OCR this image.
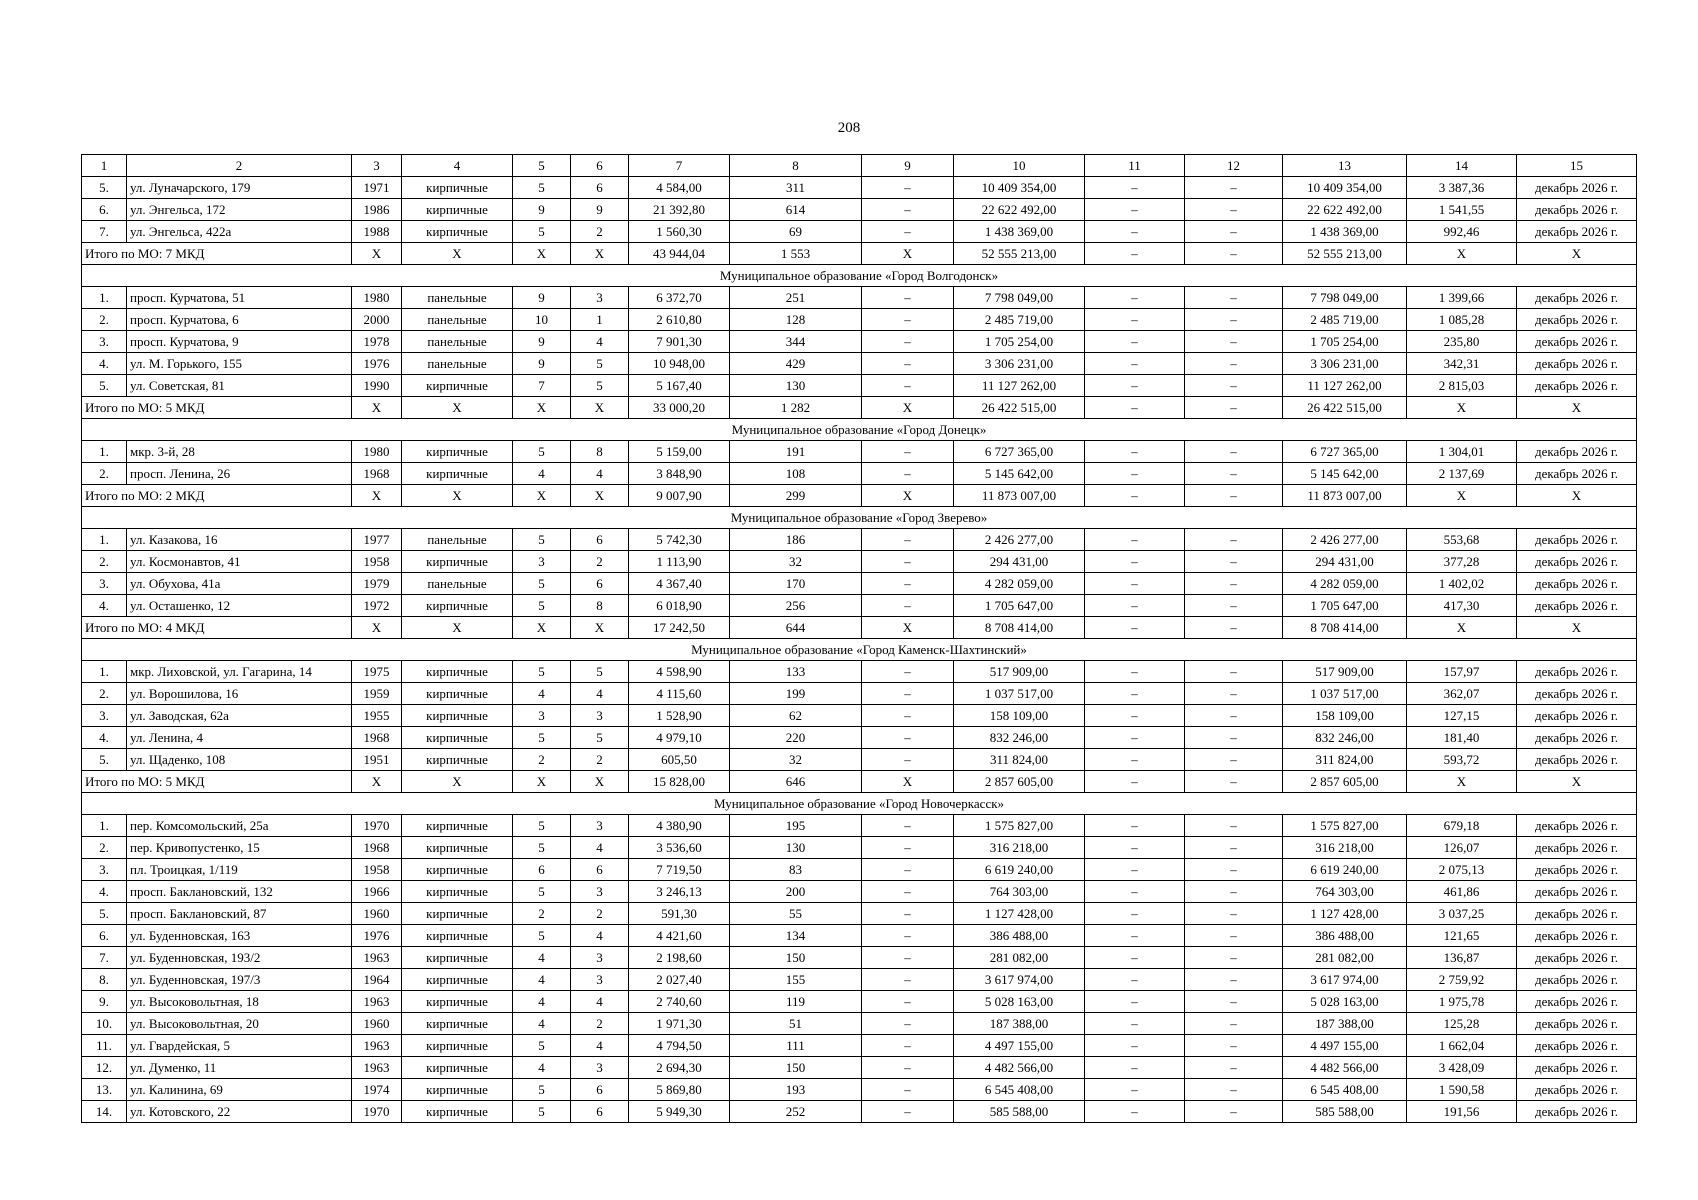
208
1	2	3	4	5	6	7	8	9	10	11	12	13	14	15
5.	ул. Луначарского, 179	1971	кирпичные	5	6	4 584,00	311	–	10 409 354,00	–	–	10 409 354,00	3 387,36	декабрь 2026 г.
6.	ул. Энгельса, 172	1986	кирпичные	9	9	21 392,80	614	–	22 622 492,00	–	–	22 622 492,00	1 541,55	декабрь 2026 г.
7.	ул. Энгельса, 422а	1988	кирпичные	5	2	1 560,30	69	–	1 438 369,00	–	–	1 438 369,00	992,46	декабрь 2026 г.
Итого по МО: 7 МКД		X	X	X	X	43 944,04	1 553	X	52 555 213,00	–	–	52 555 213,00	X	X
Муниципальное образование «Город Волгодонск»														
1.	просп. Курчатова, 51	1980	панельные	9	3	6 372,70	251	–	7 798 049,00	–	–	7 798 049,00	1 399,66	декабрь 2026 г.
2.	просп. Курчатова, 6	2000	панельные	10	1	2 610,80	128	–	2 485 719,00	–	–	2 485 719,00	1 085,28	декабрь 2026 г.
3.	просп. Курчатова, 9	1978	панельные	9	4	7 901,30	344	–	1 705 254,00	–	–	1 705 254,00	235,80	декабрь 2026 г.
4.	ул. М. Горького, 155	1976	панельные	9	5	10 948,00	429	–	3 306 231,00	–	–	3 306 231,00	342,31	декабрь 2026 г.
5.	ул. Советская, 81	1990	кирпичные	7	5	5 167,40	130	–	11 127 262,00	–	–	11 127 262,00	2 815,03	декабрь 2026 г.
Итого по МО: 5 МКД		X	X	X	X	33 000,20	1 282	X	26 422 515,00	–	–	26 422 515,00	X	X
Муниципальное образование «Город Донецк»														
1.	мкр. 3-й, 28	1980	кирпичные	5	8	5 159,00	191	–	6 727 365,00	–	–	6 727 365,00	1 304,01	декабрь 2026 г.
2.	просп. Ленина, 26	1968	кирпичные	4	4	3 848,90	108	–	5 145 642,00	–	–	5 145 642,00	2 137,69	декабрь 2026 г.
Итого по МО: 2 МКД		X	X	X	X	9 007,90	299	X	11 873 007,00	–	–	11 873 007,00	X	X
Муниципальное образование «Город Зверево»														
1.	ул. Казакова, 16	1977	панельные	5	6	5 742,30	186	–	2 426 277,00	–	–	2 426 277,00	553,68	декабрь 2026 г.
2.	ул. Космонавтов, 41	1958	кирпичные	3	2	1 113,90	32	–	294 431,00	–	–	294 431,00	377,28	декабрь 2026 г.
3.	ул. Обухова, 41а	1979	панельные	5	6	4 367,40	170	–	4 282 059,00	–	–	4 282 059,00	1 402,02	декабрь 2026 г.
4.	ул. Осташенко, 12	1972	кирпичные	5	8	6 018,90	256	–	1 705 647,00	–	–	1 705 647,00	417,30	декабрь 2026 г.
Итого по МО: 4 МКД		X	X	X	X	17 242,50	644	X	8 708 414,00	–	–	8 708 414,00	X	X
Муниципальное образование «Город Каменск-Шахтинский»														
1.	мкр. Лиховской, ул. Гагарина, 14	1975	кирпичные	5	5	4 598,90	133	–	517 909,00	–	–	517 909,00	157,97	декабрь 2026 г.
2.	ул. Ворошилова, 16	1959	кирпичные	4	4	4 115,60	199	–	1 037 517,00	–	–	1 037 517,00	362,07	декабрь 2026 г.
3.	ул. Заводская, 62а	1955	кирпичные	3	3	1 528,90	62	–	158 109,00	–	–	158 109,00	127,15	декабрь 2026 г.
4.	ул. Ленина, 4	1968	кирпичные	5	5	4 979,10	220	–	832 246,00	–	–	832 246,00	181,40	декабрь 2026 г.
5.	ул. Щаденко, 108	1951	кирпичные	2	2	605,50	32	–	311 824,00	–	–	311 824,00	593,72	декабрь 2026 г.
Итого по МО: 5 МКД		X	X	X	X	15 828,00	646	X	2 857 605,00	–	–	2 857 605,00	X	X
Муниципальное образование «Город Новочеркасск»														
1.	пер. Комсомольский, 25а	1970	кирпичные	5	3	4 380,90	195	–	1 575 827,00	–	–	1 575 827,00	679,18	декабрь 2026 г.
2.	пер. Кривопустенко, 15	1968	кирпичные	5	4	3 536,60	130	–	316 218,00	–	–	316 218,00	126,07	декабрь 2026 г.
3.	пл. Троицкая, 1/119	1958	кирпичные	6	6	7 719,50	83	–	6 619 240,00	–	–	6 619 240,00	2 075,13	декабрь 2026 г.
4.	просп. Баклановский, 132	1966	кирпичные	5	3	3 246,13	200	–	764 303,00	–	–	764 303,00	461,86	декабрь 2026 г.
5.	просп. Баклановский, 87	1960	кирпичные	2	2	591,30	55	–	1 127 428,00	–	–	1 127 428,00	3 037,25	декабрь 2026 г.
6.	ул. Буденновская, 163	1976	кирпичные	5	4	4 421,60	134	–	386 488,00	–	–	386 488,00	121,65	декабрь 2026 г.
7.	ул. Буденновская, 193/2	1963	кирпичные	4	3	2 198,60	150	–	281 082,00	–	–	281 082,00	136,87	декабрь 2026 г.
8.	ул. Буденновская, 197/3	1964	кирпичные	4	3	2 027,40	155	–	3 617 974,00	–	–	3 617 974,00	2 759,92	декабрь 2026 г.
9.	ул. Высоковольтная, 18	1963	кирпичные	4	4	2 740,60	119	–	5 028 163,00	–	–	5 028 163,00	1 975,78	декабрь 2026 г.
10.	ул. Высоковольтная, 20	1960	кирпичные	4	2	1 971,30	51	–	187 388,00	–	–	187 388,00	125,28	декабрь 2026 г.
11.	ул. Гвардейская, 5	1963	кирпичные	5	4	4 794,50	111	–	4 497 155,00	–	–	4 497 155,00	1 662,04	декабрь 2026 г.
12.	ул. Думенко, 11	1963	кирпичные	4	3	2 694,30	150	–	4 482 566,00	–	–	4 482 566,00	3 428,09	декабрь 2026 г.
13.	ул. Калинина, 69	1974	кирпичные	5	6	5 869,80	193	–	6 545 408,00	–	–	6 545 408,00	1 590,58	декабрь 2026 г.
14.	ул. Котовского, 22	1970	кирпичные	5	6	5 949,30	252	–	585 588,00	–	–	585 588,00	191,56	декабрь 2026 г.
